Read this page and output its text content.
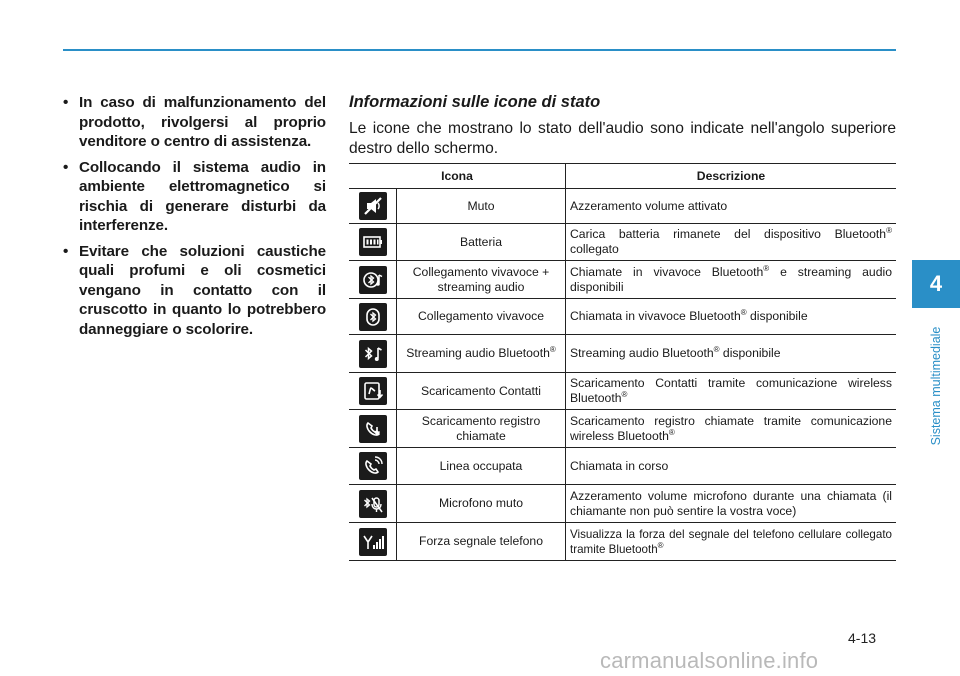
• In caso di malfunzionamento del prodotto, rivolgersi al proprio venditore o centro di assistenza.
• Collocando il sistema audio in ambiente elettromagnetico si rischia di generare disturbi da interferenze.
• Evitare che soluzioni caustiche quali profumi e oli cosmetici vengano in contatto con il cruscotto in quanto lo potrebbero danneggiare o scolorire.
Informazioni sulle icone di stato
Le icone che mostrano lo stato dell'audio sono indicate nell'angolo superiore destro dello schermo.
Icona		Descrizione

	Muto	Azzeramento volume attivato

	Batteria	Carica batteria rimanete del dispositivo Bluetooth® collegato

	Collegamento vivavoce + streaming audio	Chiamate in vivavoce Bluetooth® e streaming audio disponibili

	Collegamento vivavoce	Chiamata in vivavoce Bluetooth® disponibile

	Streaming audio Bluetooth®	Streaming audio Bluetooth® disponibile

	Scaricamento Contatti	Scaricamento Contatti tramite comunicazione wireless Bluetooth®

	Scaricamento registro chiamate	Scaricamento registro chiamate tramite comunicazione wireless Bluetooth®

	Linea occupata	Chiamata in corso

	Microfono muto	Azzeramento volume microfono durante una chiamata (il chiamante non può sentire la vostra voce)

	Forza segnale telefono	Visualizza la forza del segnale del telefono cellulare collegato tramite Bluetooth®
4
Sistema multimediale
4-13
carmanualsonline.info
